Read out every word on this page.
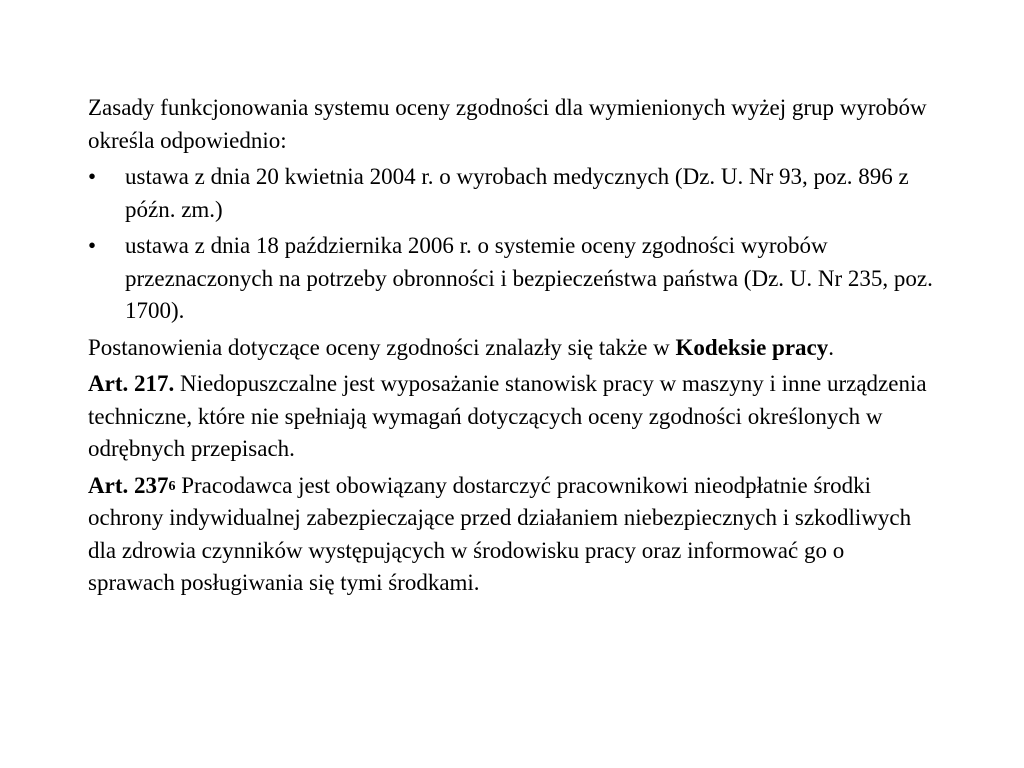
Zasady funkcjonowania systemu oceny zgodności dla wymienionych wyżej grup wyrobów określa odpowiednio:

• ustawa z dnia 20 kwietnia 2004 r. o wyrobach medycznych (Dz. U. Nr 93, poz. 896 z późn. zm.)
• ustawa z dnia 18 października 2006 r. o systemie oceny zgodności wyrobów przeznaczonych na potrzeby obronności i bezpieczeństwa państwa (Dz. U. Nr 235, poz. 1700).

Postanowienia dotyczące oceny zgodności znalazły się także w Kodeksie pracy.

Art. 217. Niedopuszczalne jest wyposażanie stanowisk pracy w maszyny i inne urządzenia techniczne, które nie spełniają wymagań dotyczących oceny zgodności określonych w odrębnych przepisach.

Art. $237^6$ Pracodawca jest obowiązany dostarczyć pracownikowi nieodpłatnie środki ochrony indywidualnej zabezpieczające przed działaniem niebezpiecznych i szkodliwych dla zdrowia czynników występujących w środowisku pracy oraz informować go o sprawach posługiwania się tymi środkami.
